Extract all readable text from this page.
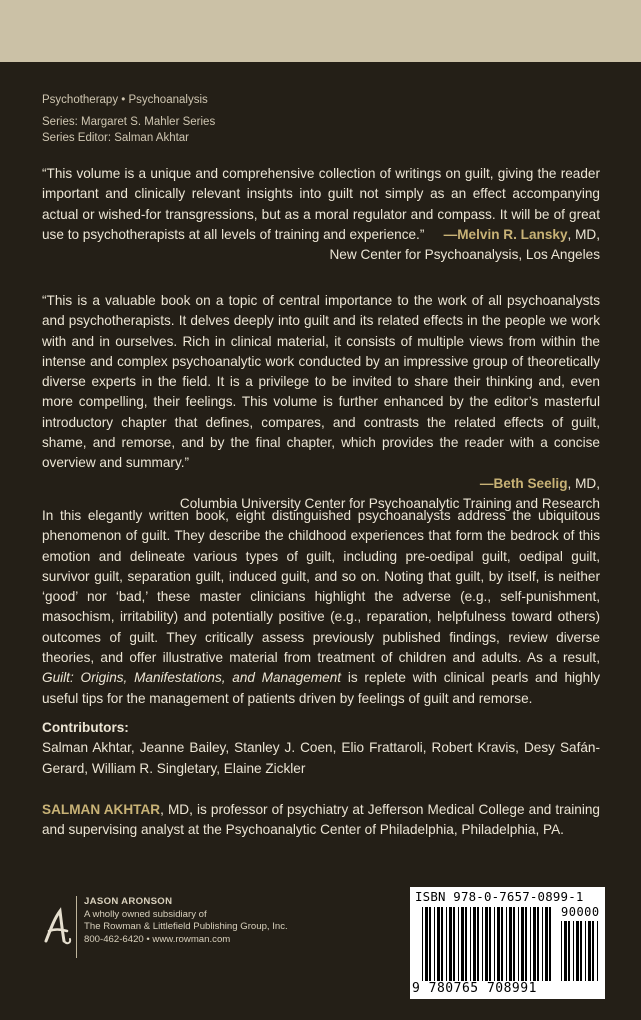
Psychotherapy • Psychoanalysis
Series: Margaret S. Mahler Series
Series Editor: Salman Akhtar
“This volume is a unique and comprehensive collection of writings on guilt, giving the reader important and clinically relevant insights into guilt not simply as an effect accompanying actual or wished-for transgressions, but as a moral regulator and compass. It will be of great use to psychotherapists at all levels of training and experience.” —Melvin R. Lansky, MD,
New Center for Psychoanalysis, Los Angeles
“This is a valuable book on a topic of central importance to the work of all psychoanalysts and psychotherapists. It delves deeply into guilt and its related effects in the people we work with and in ourselves. Rich in clinical material, it consists of multiple views from within the intense and complex psychoanalytic work conducted by an impressive group of theoretically diverse experts in the field. It is a privilege to be invited to share their thinking and, even more compelling, their feelings. This volume is further enhanced by the editor’s masterful introductory chapter that defines, compares, and contrasts the related effects of guilt, shame, and remorse, and by the final chapter, which provides the reader with a concise overview and summary.”
—Beth Seelig, MD,
Columbia University Center for Psychoanalytic Training and Research
In this elegantly written book, eight distinguished psychoanalysts address the ubiquitous phenomenon of guilt. They describe the childhood experiences that form the bedrock of this emotion and delineate various types of guilt, including pre-oedipal guilt, oedipal guilt, survivor guilt, separation guilt, induced guilt, and so on. Noting that guilt, by itself, is neither ‘good’ nor ‘bad,’ these master clinicians highlight the adverse (e.g., self-punishment, masochism, irritability) and potentially positive (e.g., reparation, helpfulness toward others) outcomes of guilt. They critically assess previously published findings, review diverse theories, and offer illustrative material from treatment of children and adults. As a result, Guilt: Origins, Manifestations, and Management is replete with clinical pearls and highly useful tips for the management of patients driven by feelings of guilt and remorse.
Contributors:
Salman Akhtar, Jeanne Bailey, Stanley J. Coen, Elio Frattaroli, Robert Kravis, Desy Safán-Gerard, William R. Singletary, Elaine Zickler
SALMAN AKHTAR, MD, is professor of psychiatry at Jefferson Medical College and training and supervising analyst at the Psychoanalytic Center of Philadelphia, Philadelphia, PA.
JASON ARONSON
A wholly owned subsidiary of
The Rowman & Littlefield Publishing Group, Inc.
800-462-6420 • www.rowman.com
ISBN 978-0-7657-0899-1
90000
9 780765 708991
